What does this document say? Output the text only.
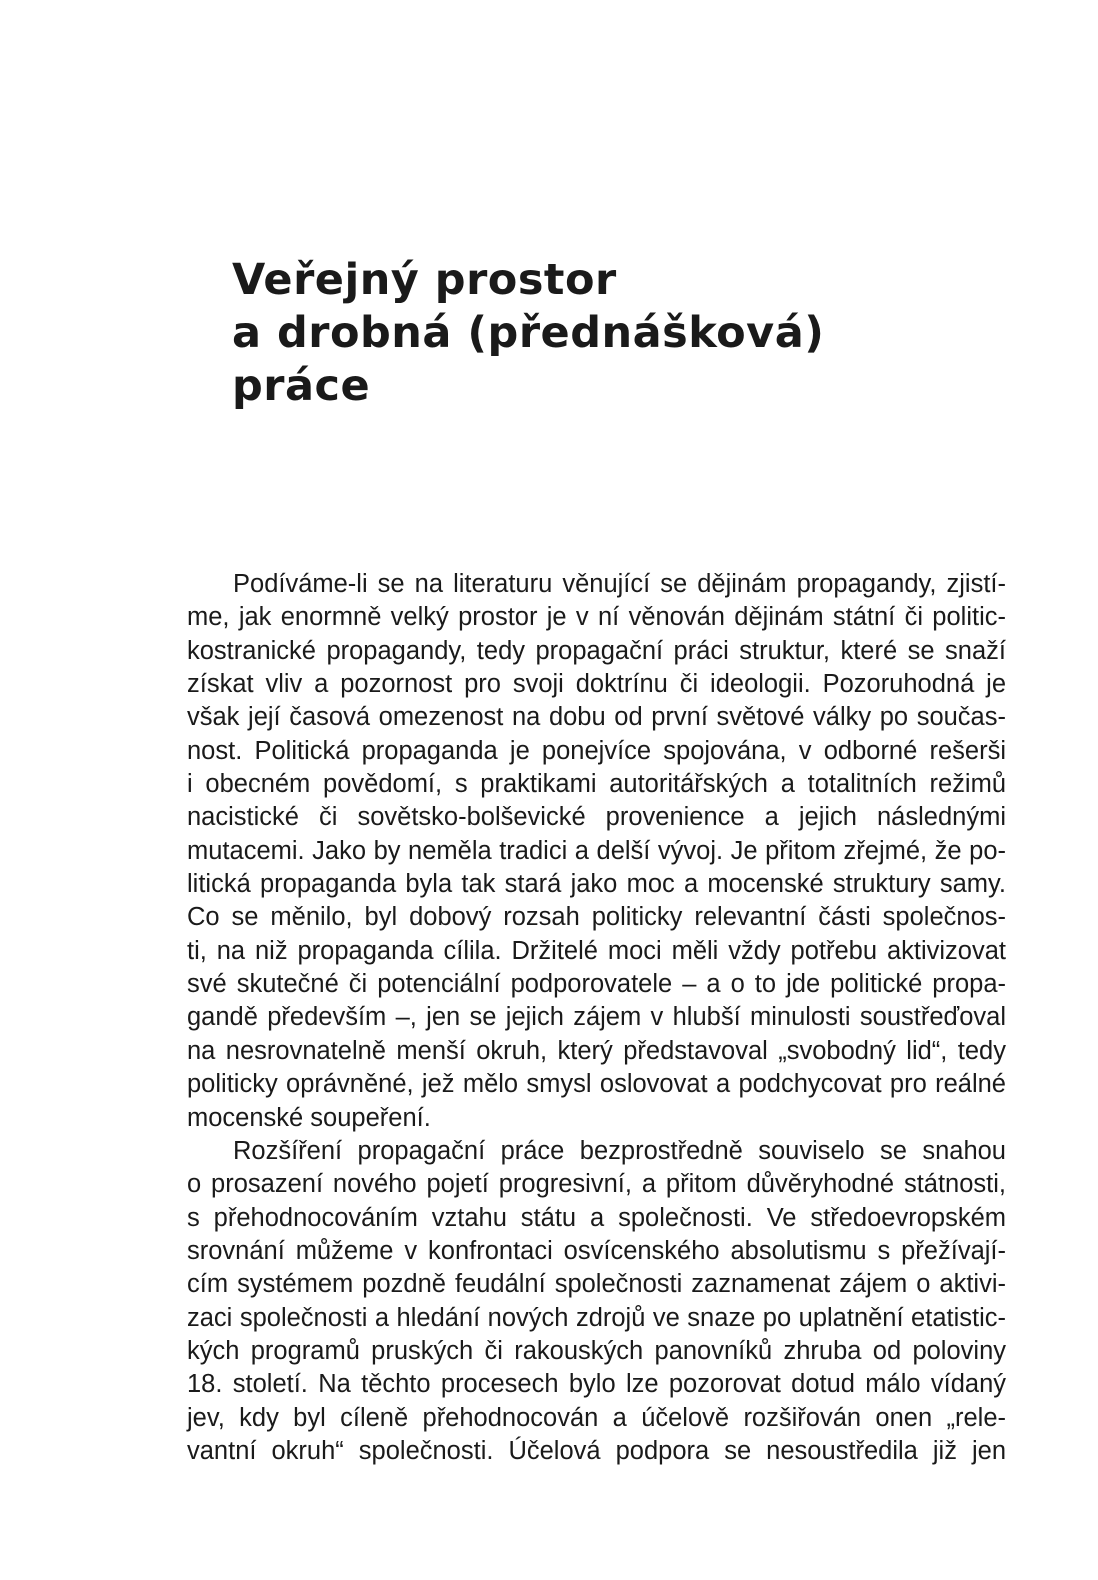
Veřejný prostor
a drobná (přednášková)
práce
Podíváme-li se na literaturu věnující se dějinám propagandy, zjistí-
me, jak enormně velký prostor je v ní věnován dějinám státní či politic-
kostranické propagandy, tedy propagační práci struktur, které se snaží
získat vliv a pozornost pro svoji doktrínu či ideologii. Pozoruhodná je
však její časová omezenost na dobu od první světové války po součas-
nost. Politická propaganda je ponejvíce spojována, v odborné rešerši
i obecném povědomí, s praktikami autoritářských a totalitních režimů
nacistické či sovětsko-bolševické provenience a jejich následnými
mutacemi. Jako by neměla tradici a delší vývoj. Je přitom zřejmé, že po-
litická propaganda byla tak stará jako moc a mocenské struktury samy.
Co se měnilo, byl dobový rozsah politicky relevantní části společnos-
ti, na niž propaganda cílila. Držitelé moci měli vždy potřebu aktivizovat
své skutečné či potenciální podporovatele – a o to jde politické propa-
gandě především –, jen se jejich zájem v hlubší minulosti soustřeďoval
na nesrovnatelně menší okruh, který představoval „svobodný lid“, tedy
politicky oprávněné, jež mělo smysl oslovovat a podchycovat pro reálné
mocenské soupeření.
Rozšíření propagační práce bezprostředně souviselo se snahou
o prosazení nového pojetí progresivní, a přitom důvěryhodné státnosti,
s přehodnocováním vztahu státu a společnosti. Ve středoevropském
srovnání můžeme v konfrontaci osvícenského absolutismu s přežívají-
cím systémem pozdně feudální společnosti zaznamenat zájem o aktivi-
zaci společnosti a hledání nových zdrojů ve snaze po uplatnění etatistic-
kých programů pruských či rakouských panovníků zhruba od poloviny
18. století. Na těchto procesech bylo lze pozorovat dotud málo vídaný
jev, kdy byl cíleně přehodnocován a účelově rozšiřován onen „rele-
vantní okruh“ společnosti. Účelová podpora se nesoustředila již jen
